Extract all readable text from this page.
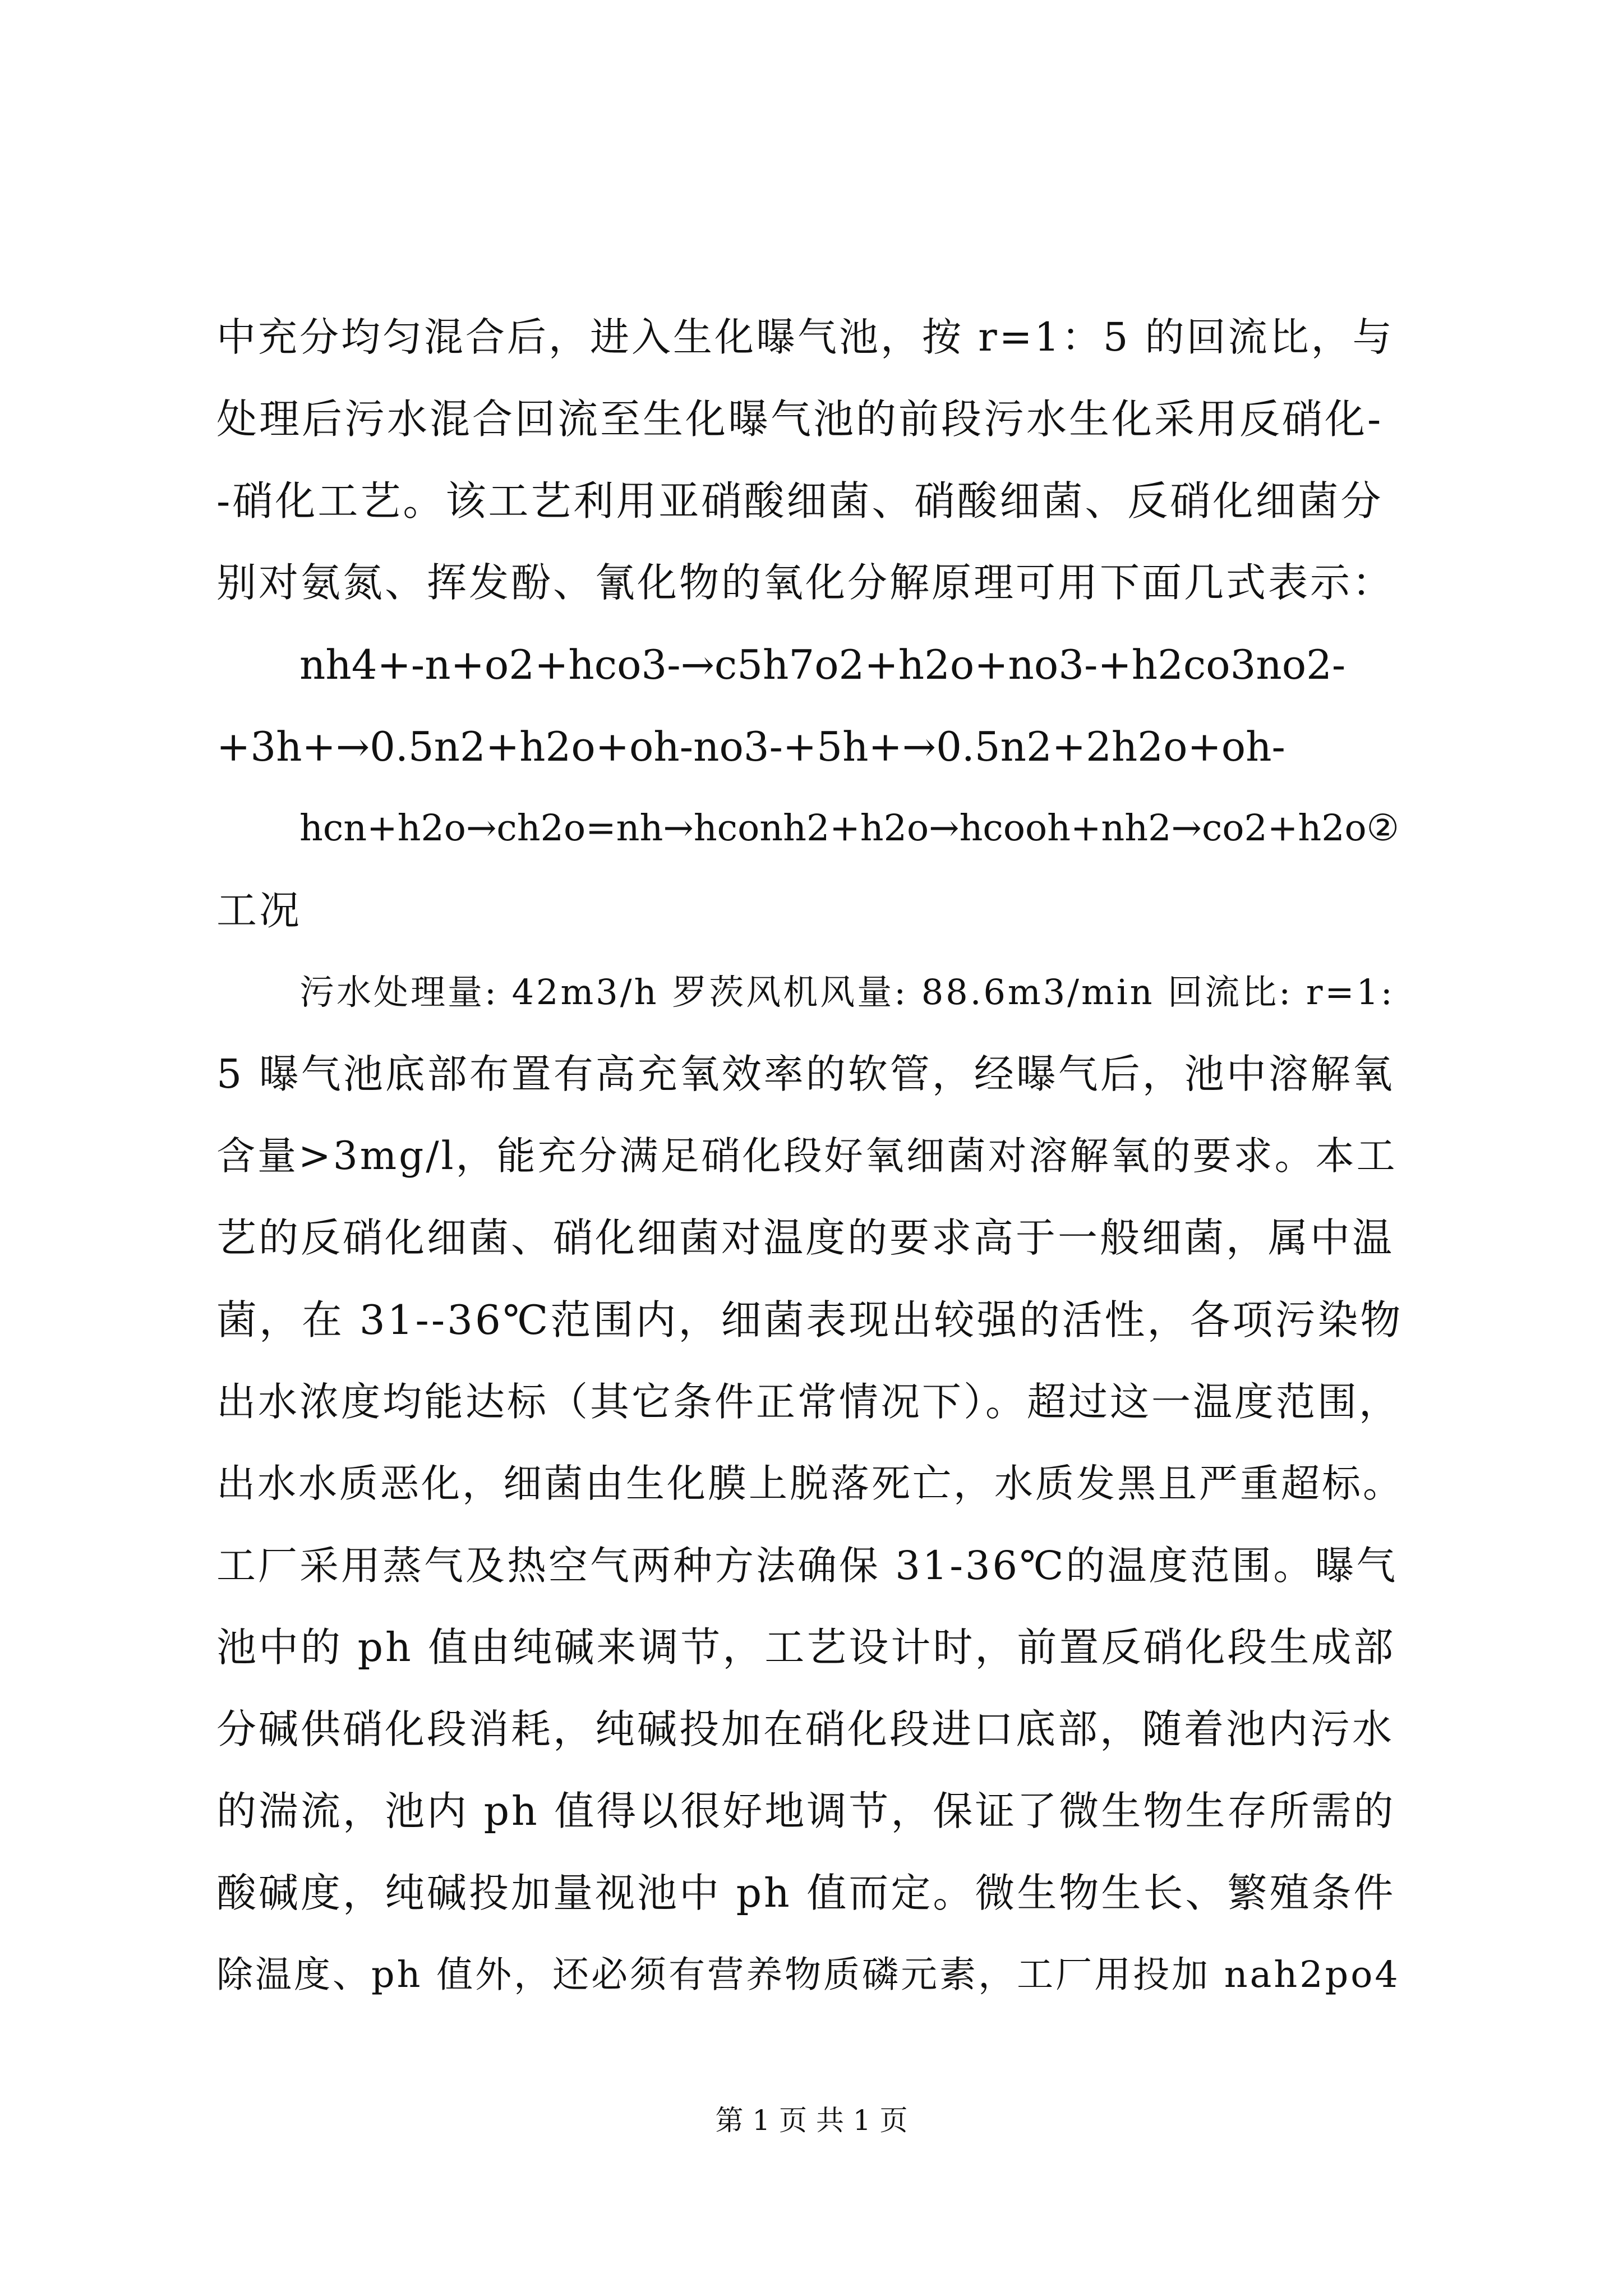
中充分均匀混合后，进入生化曝气池，按 r=1：5 的回流比，与
处理后污水混合回流至生化曝气池的前段污水生化采用反硝化-
-硝化工艺。该工艺利用亚硝酸细菌、硝酸细菌、反硝化细菌分
别对氨氮、挥发酚、氰化物的氧化分解原理可用下面几式表示：
nh4+-n+o2+hco3-→c5h7o2+h2o+no3-+h2co3no2-
+3h+→0.5n2+h2o+oh-no3-+5h+→0.5n2+2h2o+oh-
hcn+h2o→ch2o=nh→hconh2+h2o→hcooh+nh2→co2+h2o②
工况
污水处理量: 42m3/h 罗茨风机风量: 88.6m3/min 回流比: r=1:
5 曝气池底部布置有高充氧效率的软管，经曝气后，池中溶解氧
含量>3mg/l，能充分满足硝化段好氧细菌对溶解氧的要求。本工
艺的反硝化细菌、硝化细菌对温度的要求高于一般细菌，属中温
菌，在 31--36℃范围内，细菌表现出较强的活性，各项污染物
出水浓度均能达标（其它条件正常情况下）。超过这一温度范围，
出水水质恶化，细菌由生化膜上脱落死亡，水质发黑且严重超标。
工厂采用蒸气及热空气两种方法确保 31-36℃的温度范围。曝气
池中的 ph 值由纯碱来调节，工艺设计时，前置反硝化段生成部
分碱供硝化段消耗，纯碱投加在硝化段进口底部，随着池内污水
的湍流，池内 ph 值得以很好地调节，保证了微生物生存所需的
酸碱度，纯碱投加量视池中 ph 值而定。微生物生长、繁殖条件
除温度、ph 值外，还必须有营养物质磷元素，工厂用投加 nah2po4
第 1 页 共 1 页
